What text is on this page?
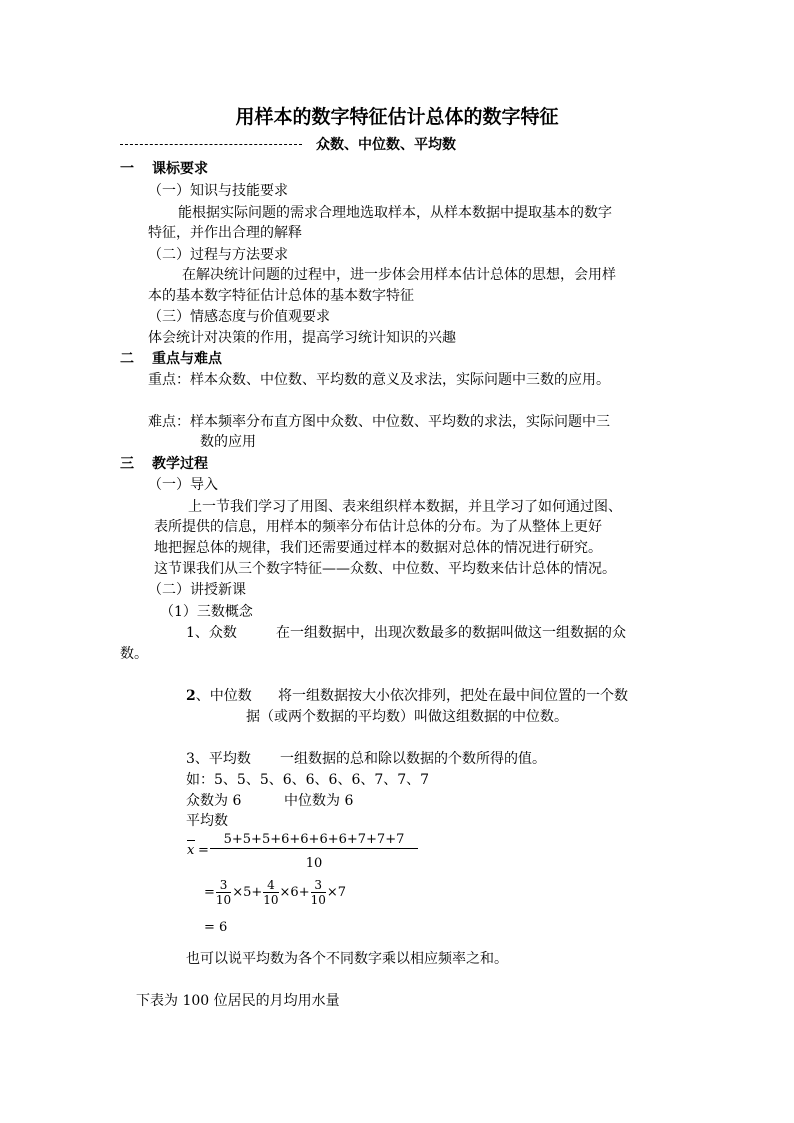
用样本的数字特征估计总体的数字特征
众数、中位数、平均数
一 课标要求
（一）知识与技能要求
能根据实际问题的需求合理地选取样本，从样本数据中提取基本的数字
特征，并作出合理的解释
（二）过程与方法要求
在解决统计问题的过程中，进一步体会用样本估计总体的思想，会用样
本的基本数字特征估计总体的基本数字特征
（三）情感态度与价值观要求
体会统计对决策的作用，提高学习统计知识的兴趣
二 重点与难点
重点：样本众数、中位数、平均数的意义及求法，实际问题中三数的应用。
难点：样本频率分布直方图中众数、中位数、平均数的求法，实际问题中三
数的应用
三 教学过程
（一）导入
上一节我们学习了用图、表来组织样本数据，并且学习了如何通过图、
表所提供的信息，用样本的频率分布估计总体的分布。为了从整体上更好
地把握总体的规律，我们还需要通过样本的数据对总体的情况进行研究。
这节课我们从三个数字特征——众数、中位数、平均数来估计总体的情况。
（二）讲授新课
（1）三数概念
1、众数	在一组数据中，出现次数最多的数据叫做这一组数据的众
数。
2、中位数 将一组数据按大小依次排列，把处在最中间位置的一个数
据（或两个数据的平均数）叫做这组数据的中位数。
3、平均数 一组数据的总和除以数据的个数所得的值。
如：5、5、5、6、6、6、6、7、7、7
众数为 6	中位数为 6
平均数
x =
5+5+5+6+6+6+6+7+7+7
10
= $\frac{3}{10} \times 5+ \frac{4}{10} \times 6+ \frac{3}{10} \times 7$
= 6
也可以说平均数为各个不同数字乘以相应频率之和。
下表为 100 位居民的月均用水量
